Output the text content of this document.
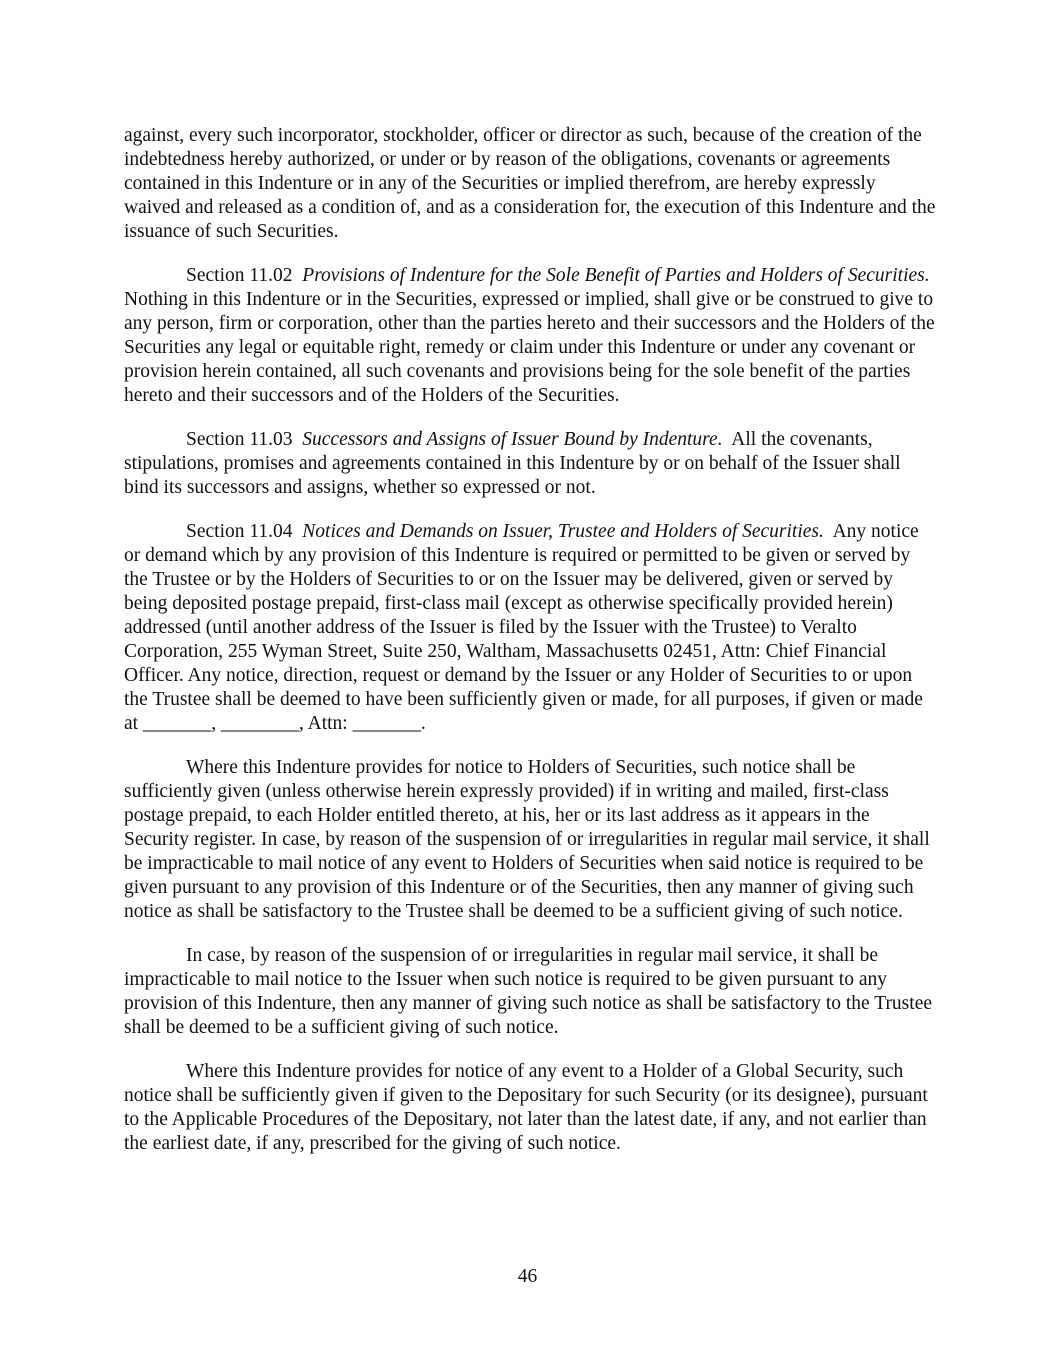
against, every such incorporator, stockholder, officer or director as such, because of the creation of the indebtedness hereby authorized, or under or by reason of the obligations, covenants or agreements contained in this Indenture or in any of the Securities or implied therefrom, are hereby expressly waived and released as a condition of, and as a consideration for, the execution of this Indenture and the issuance of such Securities.

Section 11.02 Provisions of Indenture for the Sole Benefit of Parties and Holders of Securities.  Nothing in this Indenture or in the Securities, expressed or implied, shall give or be construed to give to any person, firm or corporation, other than the parties hereto and their successors and the Holders of the Securities any legal or equitable right, remedy or claim under this Indenture or under any covenant or provision herein contained, all such covenants and provisions being for the sole benefit of the parties hereto and their successors and of the Holders of the Securities.

Section 11.03 Successors and Assigns of Issuer Bound by Indenture. All the covenants, stipulations, promises and agreements contained in this Indenture by or on behalf of the Issuer shall bind its successors and assigns, whether so expressed or not.

Section 11.04 Notices and Demands on Issuer, Trustee and Holders of Securities. Any notice or demand which by any provision of this Indenture is required or permitted to be given or served by the Trustee or by the Holders of Securities to or on the Issuer may be delivered, given or served by being deposited postage prepaid, first-class mail (except as otherwise specifically provided herein) addressed (until another address of the Issuer is filed by the Issuer with the Trustee) to Veralto Corporation, 255 Wyman Street, Suite 250, Waltham, Massachusetts 02451, Attn: Chief Financial Officer. Any notice, direction, request or demand by the Issuer or any Holder of Securities to or upon the Trustee shall be deemed to have been sufficiently given or made, for all purposes, if given or made at _______, ________, Attn: _______.

Where this Indenture provides for notice to Holders of Securities, such notice shall be sufficiently given (unless otherwise herein expressly provided) if in writing and mailed, first-class postage prepaid, to each Holder entitled thereto, at his, her or its last address as it appears in the Security register. In case, by reason of the suspension of or irregularities in regular mail service, it shall be impracticable to mail notice of any event to Holders of Securities when said notice is required to be given pursuant to any provision of this Indenture or of the Securities, then any manner of giving such notice as shall be satisfactory to the Trustee shall be deemed to be a sufficient giving of such notice.

In case, by reason of the suspension of or irregularities in regular mail service, it shall be impracticable to mail notice to the Issuer when such notice is required to be given pursuant to any provision of this Indenture, then any manner of giving such notice as shall be satisfactory to the Trustee shall be deemed to be a sufficient giving of such notice.

Where this Indenture provides for notice of any event to a Holder of a Global Security, such notice shall be sufficiently given if given to the Depositary for such Security (or its designee), pursuant to the Applicable Procedures of the Depositary, not later than the latest date, if any, and not earlier than the earliest date, if any, prescribed for the giving of such notice.

46
